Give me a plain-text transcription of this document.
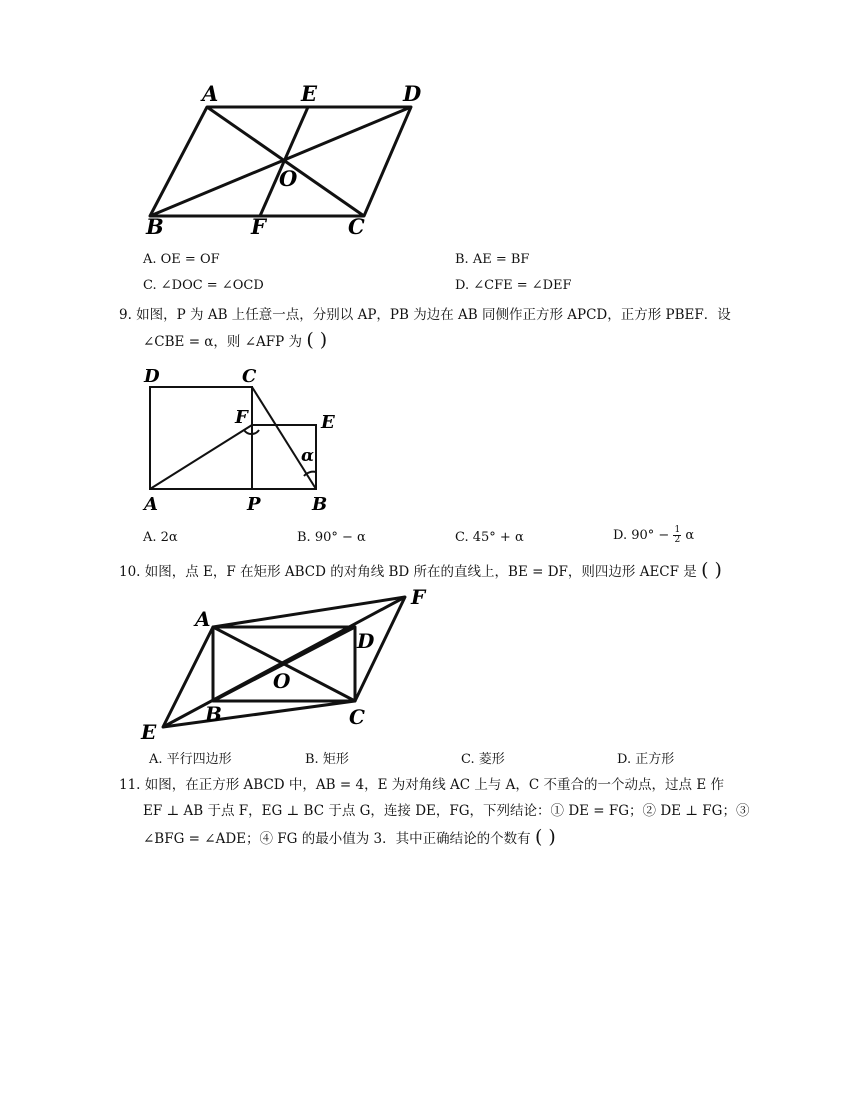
A	E	D
O
B	F	C
A. OE = OF	B. AE = BF
C. ∠DOC = ∠OCD	D. ∠CFE = ∠DEF
9. 如图，P 为 AB 上任意一点，分别以 AP，PB 为边在 AB 同侧作正方形 APCD，正方形 PBEF．设
∠CBE = α，则 ∠AFP 为 ( )
D	C
F	E
α
A	P	B
A. 2α	B. 90° − α	C. 45° + α	D. $90^\circ - \frac{1}{2}$ α
10. 如图，点 E，F 在矩形 ABCD 的对角线 BD 所在的直线上，BE = DF，则四边形 AECF 是 ( )
A
F
D
O
E
B	C
A. 平行四边形	B. 矩形	C. 菱形	D. 正方形
11. 如图，在正方形 ABCD 中，AB = 4，E 为对角线 AC 上与 A，C 不重合的一个动点，过点 E 作
EF ⊥ AB 于点 F，EG ⊥ BC 于点 G，连接 DE，FG，下列结论：① DE = FG；② DE ⊥ FG；③
∠BFG = ∠ADE；④ FG 的最小值为 3．其中正确结论的个数有 ( )
